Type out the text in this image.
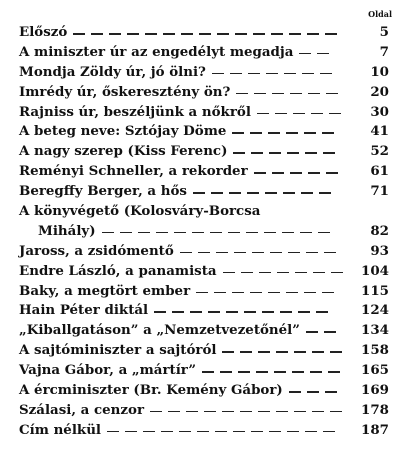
Oldal
Előszó	5
A miniszter úr az engedélyt megadja	7
Mondja Zöldy úr, jó ölni?	10
Imrédy úr, őskeresztény ön?	20
Rajniss úr, beszéljünk a nőkről	30
A beteg neve: Sztójay Döme	41
A nagy szerep (Kiss Ferenc)	52
Reményi Schneller, a rekorder	61
Beregffy Berger, a hős	71
A könyvégető (Kolosváry-Borcsa
Mihály)	82
Jaross, a zsidómentő	93
Endre László, a panamista	104
Baky, a megtört ember	115
Hain Péter diktál	124
„Kiballgatáson” a „Nemzetvezetőnél”	134
A sajtóminiszter a sajtóról	158
Vajna Gábor, a „mártír”	165
A ércminiszter (Br. Kemény Gábor)	169
Szálasi, a cenzor	178
Cím nélkül	187
